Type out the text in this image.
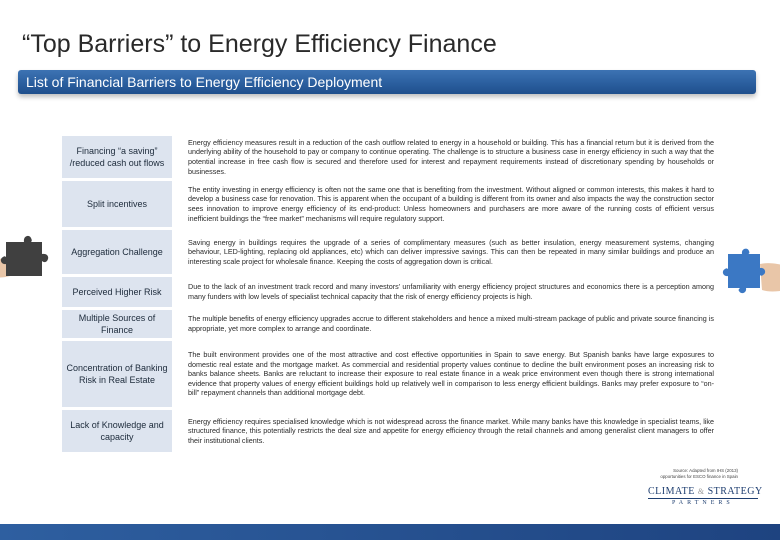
“Top Barriers” to Energy Efficiency Finance
List of Financial Barriers to Energy Efficiency Deployment
Financing “a saving” /reduced cash out flows
Energy efficiency measures result in a reduction of the cash outflow related to energy in a household or building. This has a financial return but it is derived from the underlying ability of the household to pay or company to continue operating. The challenge is to structure a business case in energy efficiency in such a way that the potential increase in free cash flow is secured and therefore used for interest and repayment requirements instead of discretionary spending by households or businesses.
Split incentives
The entity investing in energy efficiency is often not the same one that is benefiting from the investment. Without aligned or common interests, this makes it hard to develop a business case for renovation. This is apparent when the occupant of a building is different from its owner and also impacts the way the construction sector sees innovation to improve energy efficiency of its end-product: Unless homeowners and purchasers are more aware of the running costs of efficient versus inefficient buildings the “free market” mechanisms will require regulatory support.
Aggregation Challenge
Saving energy in buildings requires the upgrade of a series of complimentary measures (such as better insulation, energy measurement systems, changing behaviour, LED-lighting, replacing old appliances, etc) which can deliver impressive savings. This can then be repeated in many similar buildings and produce an interesting scale project for wholesale finance. Keeping the costs of aggregation down is critical.
Perceived Higher Risk
Due to the lack of an investment track record and many investors’ unfamiliarity with energy efficiency project structures and economics there is a perception among many funders with low levels of specialist technical capacity that the risk of energy efficiency projects is high.
Multiple Sources of Finance
The multiple benefits of energy efficiency upgrades accrue to different stakeholders and hence a mixed multi-stream package of public and private source financing is appropriate, yet more complex to arrange and coordinate.
Concentration of Banking Risk in Real Estate
The built environment provides one of the most attractive and cost effective opportunities in Spain to save energy. But Spanish banks have large exposures to domestic real estate and the mortgage market. As commercial and residential property values continue to decline the built environment poses an increasing risk to banks balance sheets. Banks are reluctant to increase their exposure to real estate finance in a weak price environment even though there is strong international evidence that property values of energy efficient buildings hold up relatively well in comparison to less energy efficient buildings. Banks may prefer exposure to “on-bill” repayment channels than additional mortgage debt.
Lack of Knowledge and capacity
Energy efficiency requires specialised knowledge which is not widespread across the finance market. While many banks have this knowledge in specialist teams, like structured finance, this potentially restricts the deal size and appetite for energy efficiency through the retail channels and among generalist client managers to offer their institutional clients.
Source: Adapted from IHS (2013)
opportunities for ESCO finance in Spain
CLIMATE & STRATEGY
PARTNERS
